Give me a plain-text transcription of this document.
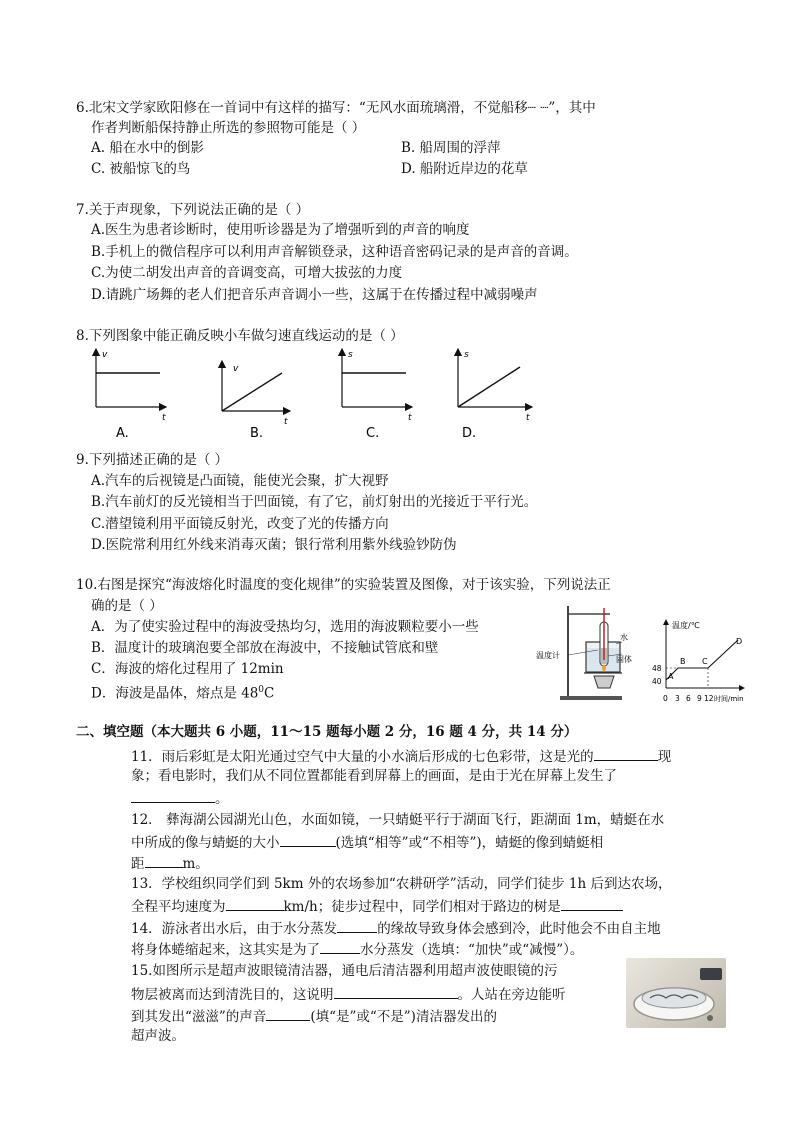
6.北宋文学家欧阳修在一首词中有这样的描写：“无风水面琉璃滑，不觉船移┈ ┈”，其中
作者判断船保持静止所选的参照物可能是（ ）
A. 船在水中的倒影	B. 船周围的浮萍
C. 被船惊飞的鸟	D. 船附近岸边的花草
7.关于声现象，下列说法正确的是（ ）
A.医生为患者诊断时，使用听诊器是为了增强听到的声音的响度
B.手机上的微信程序可以利用声音解锁登录，这种语音密码记录的是声音的音调。
C.为使二胡发出声音的音调变高，可增大拔弦的力度
D.请跳广场舞的老人们把音乐声音调小一些，这属于在传播过程中减弱噪声
8.下列图象中能正确反映小车做匀速直线运动的是（ ）
v
t
A.
v
t
B.
s
t
C.
s
t
D.
9.下列描述正确的是（ ）
A.汽车的后视镜是凸面镜，能使光会聚，扩大视野
B.汽车前灯的反光镜相当于凹面镜，有了它，前灯射出的光接近于平行光。
C.潜望镜利用平面镜反射光，改变了光的传播方向
D.医院常利用红外线来消毒灭菌；银行常利用紫外线验钞防伪
10.右图是探究“海波熔化时温度的变化规律”的实验装置及图像，对于该实验，下列说法正
确的是（ ）
A．为了使实验过程中的海波受热均匀，选用的海波颗粒要小一些
B．温度计的玻璃泡要全部放在海波中，不接触试管底和壁
C．海波的熔化过程用了 12min
D．海波是晶体，熔点是 $48^0C$
温度计
水
固体
温度/℃
48
40
A
B C
D
0 3 6 9 12 时间/min
二、填空题（本大题共 6 小题，11～15 题每小题 2 分，16 题 4 分，共 14 分）
11．雨后彩虹是太阳光通过空气中大量的小水滴后形成的七色彩带，这是光的	现
象；看电影时，我们从不同位置都能看到屏幕上的画面，是由于光在屏幕上发生了
。
12． 彝海湖公园湖光山色，水面如镜，一只蜻蜓平行于湖面飞行，距湖面 1m，蜻蜓在水
中所成的像与蜻蜓的大小	(选填“相等”或“不相等”)，蜻蜓的像到蜻蜓相
距	m。
13．学校组织同学们到 5km 外的农场参加“农耕研学”活动，同学们徒步 1h 后到达农场，
全程平均速度为	km/h；徒步过程中，同学们相对于路边的树是
14．游泳者出水后，由于水分蒸发	的缘故导致身体会感到冷，此时他会不由自主地
将身体蜷缩起来，这其实是为了	水分蒸发（选填：“加快”或“减慢”）。
15.如图所示是超声波眼镜清洁器，通电后清洁器利用超声波使眼镜的污
物层被离而达到清洗目的，这说明	。人站在旁边能听
到其发出“滋滋”的声音	(填“是”或“不是”)清洁器发出的
超声波。
